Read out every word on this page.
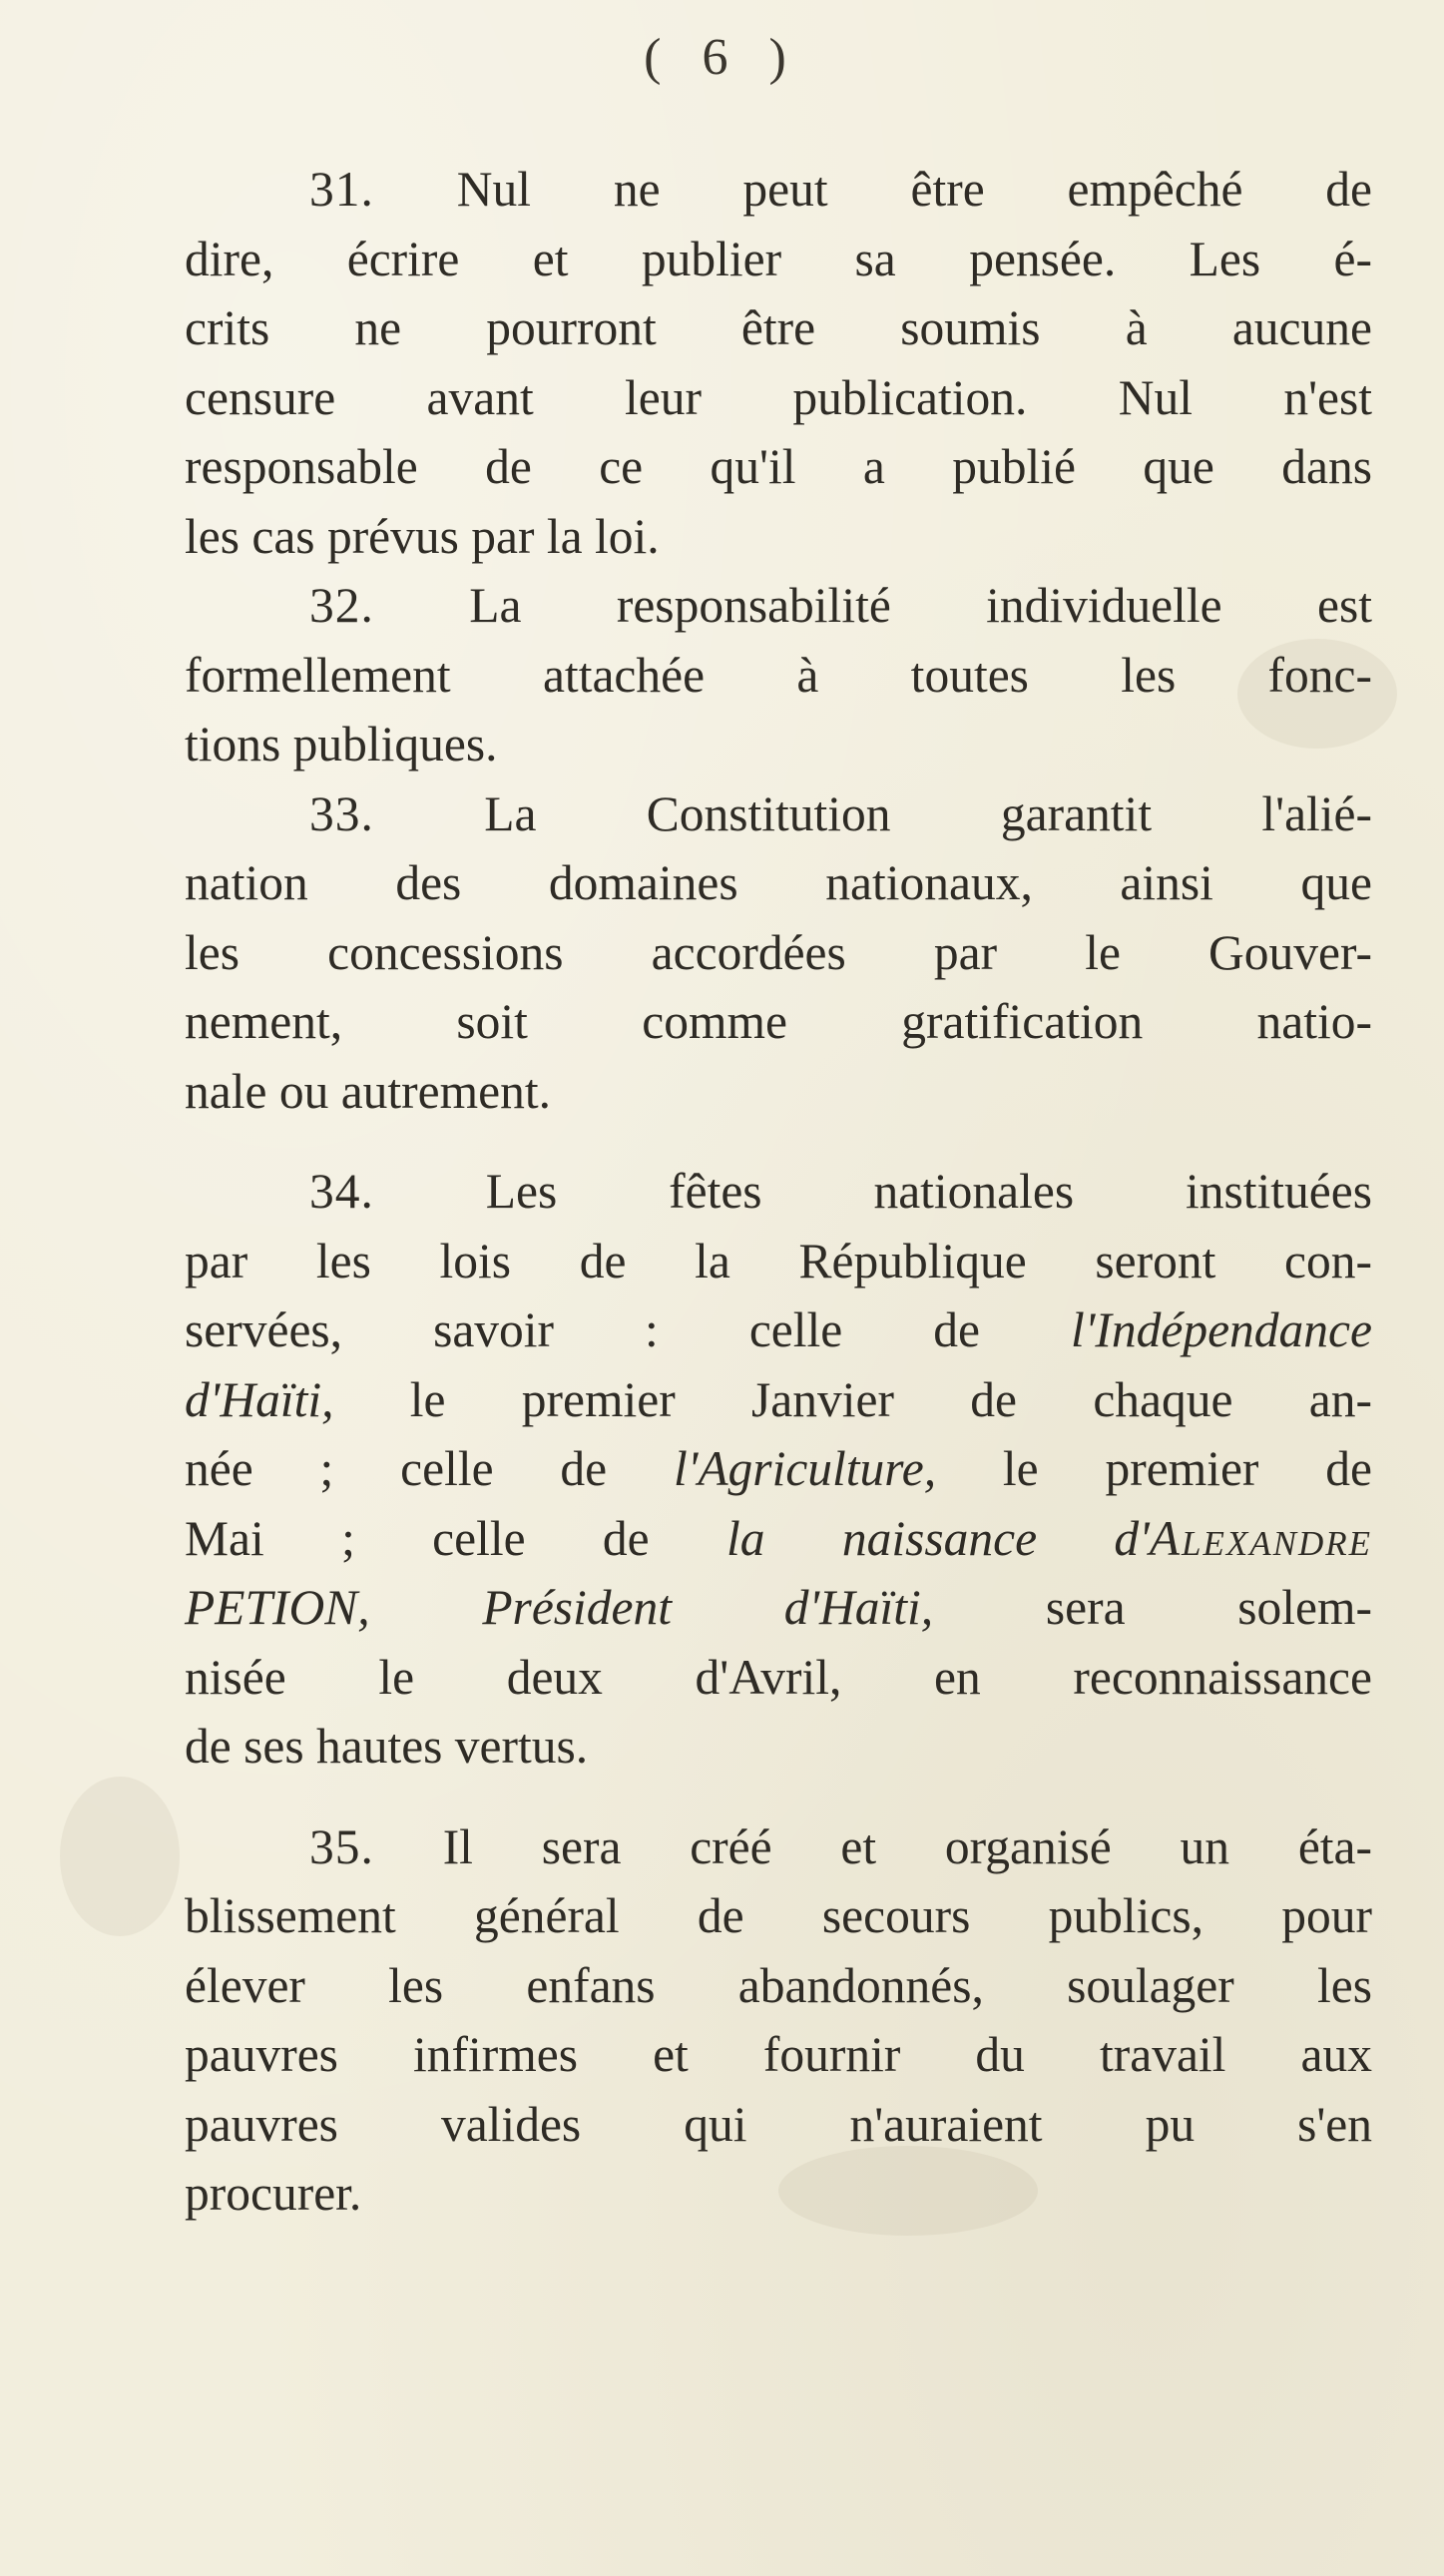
( 6 )
31. Nul ne peut être empêché de
dire, écrire et publier sa pensée. Les é-
crits ne pourront être soumis à aucune
censure avant leur publication. Nul n'est
responsable de ce qu'il a publié que dans
les cas prévus par la loi.
32. La responsabilité individuelle est
formellement attachée à toutes les fonc-
tions publiques.
33. La Constitution garantit l'alié-
nation des domaines nationaux, ainsi que
les concessions accordées par le Gouver-
nement, soit comme gratification natio-
nale ou autrement.
34. Les fêtes nationales instituées
par les lois de la République seront con-
servées, savoir : celle de l'Indépendance
d'Haïti, le premier Janvier de chaque an-
née ; celle de l'Agriculture, le premier de
Mai ; celle de la naissance d'Alexandre
PETION, Président d'Haïti, sera solem-
nisée le deux d'Avril, en reconnaissance
de ses hautes vertus.
35. Il sera créé et organisé un éta-
blissement général de secours publics, pour
élever les enfans abandonnés, soulager les
pauvres infirmes et fournir du travail aux
pauvres valides qui n'auraient pu s'en
procurer.
